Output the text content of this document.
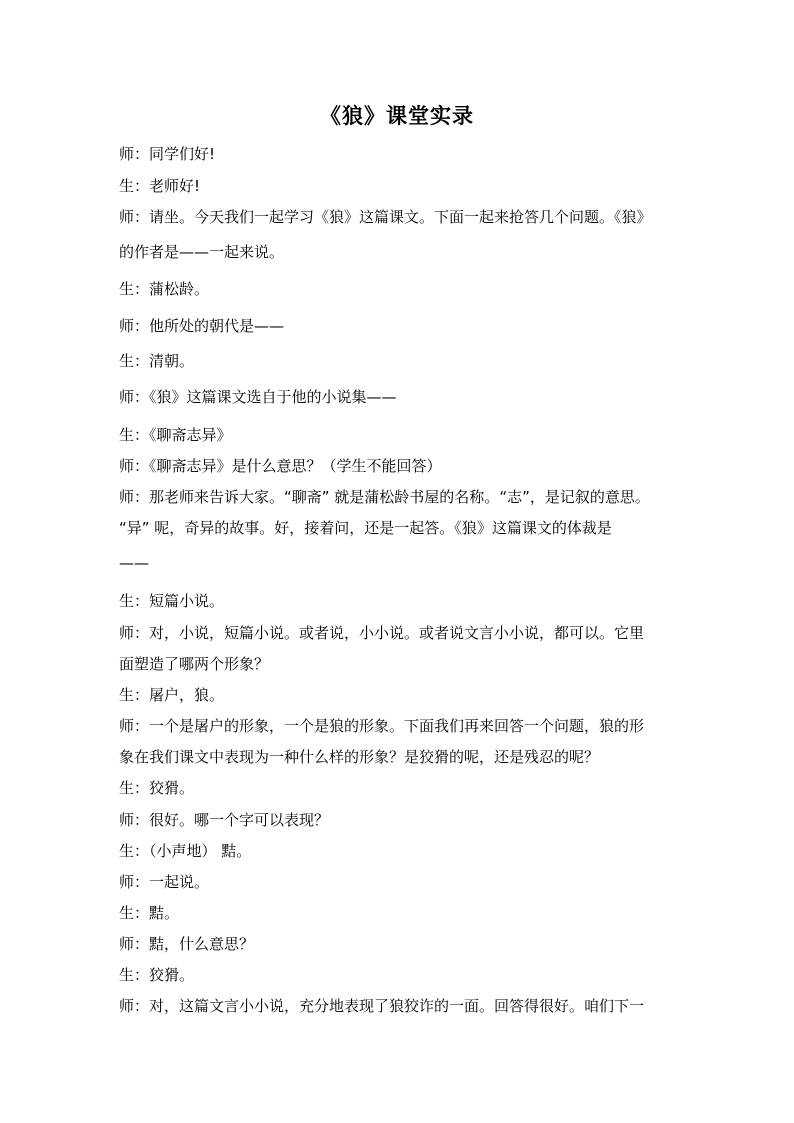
《狼》课堂实录
师：同学们好!
生：老师好!
师：请坐。今天我们一起学习《狼》这篇课文。下面一起来抢答几个问题。《狼》
的作者是——一起来说。
生：蒲松龄。
师：他所处的朝代是——
生：清朝。
师：《狼》这篇课文选自于他的小说集——
生：《聊斋志异》
师：《聊斋志异》是什么意思？（学生不能回答）
师：那老师来告诉大家。“聊斋” 就是蒲松龄书屋的名称。“志”，是记叙的意思。
“异” 呢，奇异的故事。好，接着问，还是一起答。《狼》这篇课文的体裁是
——
生：短篇小说。
师：对，小说，短篇小说。或者说，小小说。或者说文言小小说，都可以。它里
面塑造了哪两个形象？
生：屠户，狼。
师：一个是屠户的形象，一个是狼的形象。下面我们再来回答一个问题，狼的形
象在我们课文中表现为一种什么样的形象？是狡猾的呢，还是残忍的呢？
生：狡猾。
师：很好。哪一个字可以表现？
生：（小声地） 黠。
师：一起说。
生：黠。
师：黠，什么意思？
生：狡猾。
师：对，这篇文言小小说，充分地表现了狼狡诈的一面。回答得很好。咱们下一
